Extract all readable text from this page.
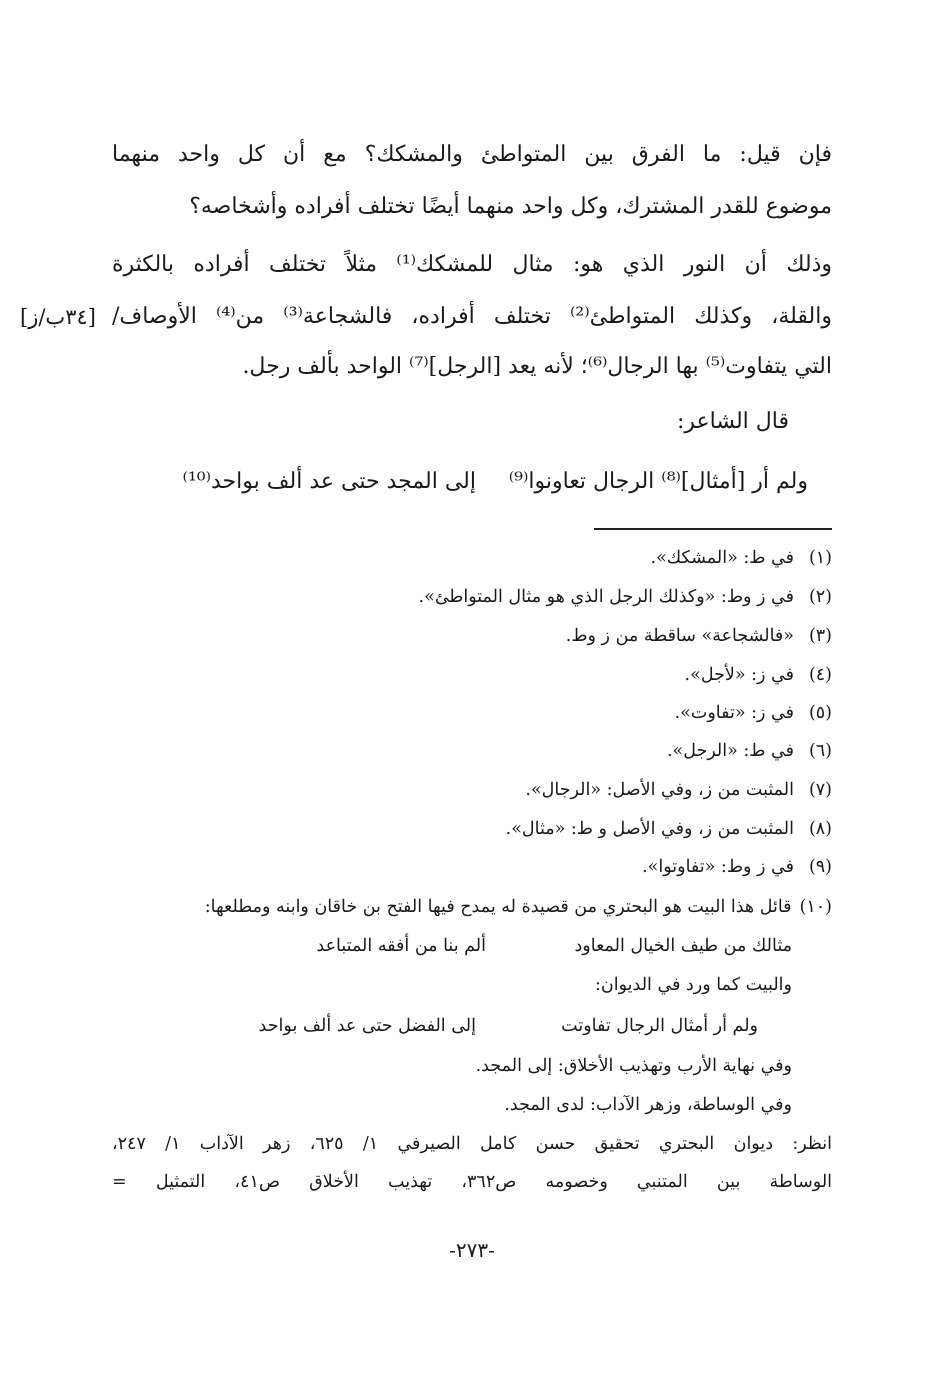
فإن قيل: ما الفرق بين المتواطئ والمشكك؟ مع أن كل واحد منهما
موضوع للقدر المشترك، وكل واحد منهما أيضًا تختلف أفراده وأشخاصه؟
وذلك أن النور الذي هو: مثال للمشكك⁽¹⁾ مثلاً تختلف أفراده بالكثرة
والقلة، وكذلك المتواطئ⁽²⁾ تختلف أفراده، فالشجاعة⁽³⁾ من⁽⁴⁾ الأوصاف/
التي يتفاوت⁽⁵⁾ بها الرجال⁽⁶⁾؛ لأنه يعد [الرجل]⁽⁷⁾ الواحد بألف رجل.
[٣٤ب/ز]
قال الشاعر:
ولم أر [أمثال]⁽⁸⁾ الرجال تعاونوا⁽⁹⁾
إلى المجد حتى عد ألف بواحد⁽¹⁰⁾
(١)في ط: «المشكك».
(٢)في ز وط: «وكذلك الرجل الذي هو مثال المتواطئ».
(٣)«فالشجاعة» ساقطة من ز وط.
(٤)في ز: «لأجل».
(٥)في ز: «تفاوت».
(٦)في ط: «الرجل».
(٧)المثبت من ز، وفي الأصل: «الرجال».
(٨)المثبت من ز، وفي الأصل و ط: «مثال».
(٩)في ز وط: «تفاوتوا».
(١٠)قائل هذا البيت هو البحتري من قصيدة له يمدح فيها الفتح بن خاقان وابنه ومطلعها:
مثالك من طيف الخيال المعاود
ألم بنا من أفقه المتباعد
والبيت كما ورد في الديوان:
ولم أر أمثال الرجال تفاوتت
إلى الفضل حتى عد ألف بواحد
وفي نهاية الأرب وتهذيب الأخلاق: إلى المجد.
وفي الوساطة، وزهر الآداب: لدى المجد.
انظر: ديوان البحتري تحقيق حسن كامل الصيرفي ١/ ٦٢٥، زهر الآداب ١/ ٢٤٧،
الوساطة بين المتنبي وخصومه ص٣٦٢، تهذيب الأخلاق ص٤١، التمثيل =
-٢٧٣-
